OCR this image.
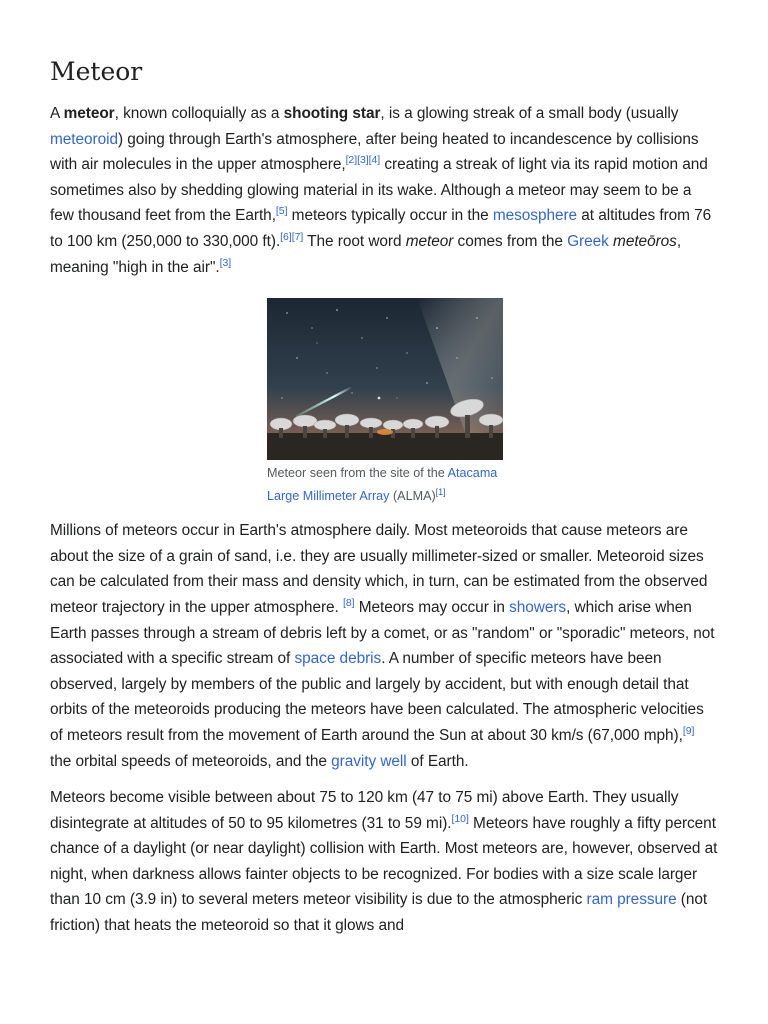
Meteor

A meteor, known colloquially as a shooting star, is a glowing streak of a small body (usually meteoroid) going through Earth's atmosphere, after being heated to incandescence by collisions with air molecules in the upper atmosphere,[2][3][4] creating a streak of light via its rapid motion and sometimes also by shedding glowing material in its wake. Although a meteor may seem to be a few thousand feet from the Earth,[5] meteors typically occur in the mesosphere at altitudes from 76 to 100 km (250,000 to 330,000 ft).[6][7] The root word meteor comes from the Greek meteōros, meaning "high in the air".[3]

Meteor seen from the site of the Atacama Large Millimeter Array (ALMA)[1]

Millions of meteors occur in Earth's atmosphere daily. Most meteoroids that cause meteors are about the size of a grain of sand, i.e. they are usually millimeter-sized or smaller. Meteoroid sizes can be calculated from their mass and density which, in turn, can be estimated from the observed meteor trajectory in the upper atmosphere. [8] Meteors may occur in showers, which arise when Earth passes through a stream of debris left by a comet, or as "random" or "sporadic" meteors, not associated with a specific stream of space debris. A number of specific meteors have been observed, largely by members of the public and largely by accident, but with enough detail that orbits of the meteoroids producing the meteors have been calculated. The atmospheric velocities of meteors result from the movement of Earth around the Sun at about 30 km/s (67,000 mph),[9] the orbital speeds of meteoroids, and the gravity well of Earth.

Meteors become visible between about 75 to 120 km (47 to 75 mi) above Earth. They usually disintegrate at altitudes of 50 to 95 kilometres (31 to 59 mi).[10] Meteors have roughly a fifty percent chance of a daylight (or near daylight) collision with Earth. Most meteors are, however, observed at night, when darkness allows fainter objects to be recognized. For bodies with a size scale larger than 10 cm (3.9 in) to several meters meteor visibility is due to the atmospheric ram pressure (not friction) that heats the meteoroid so that it glows and
